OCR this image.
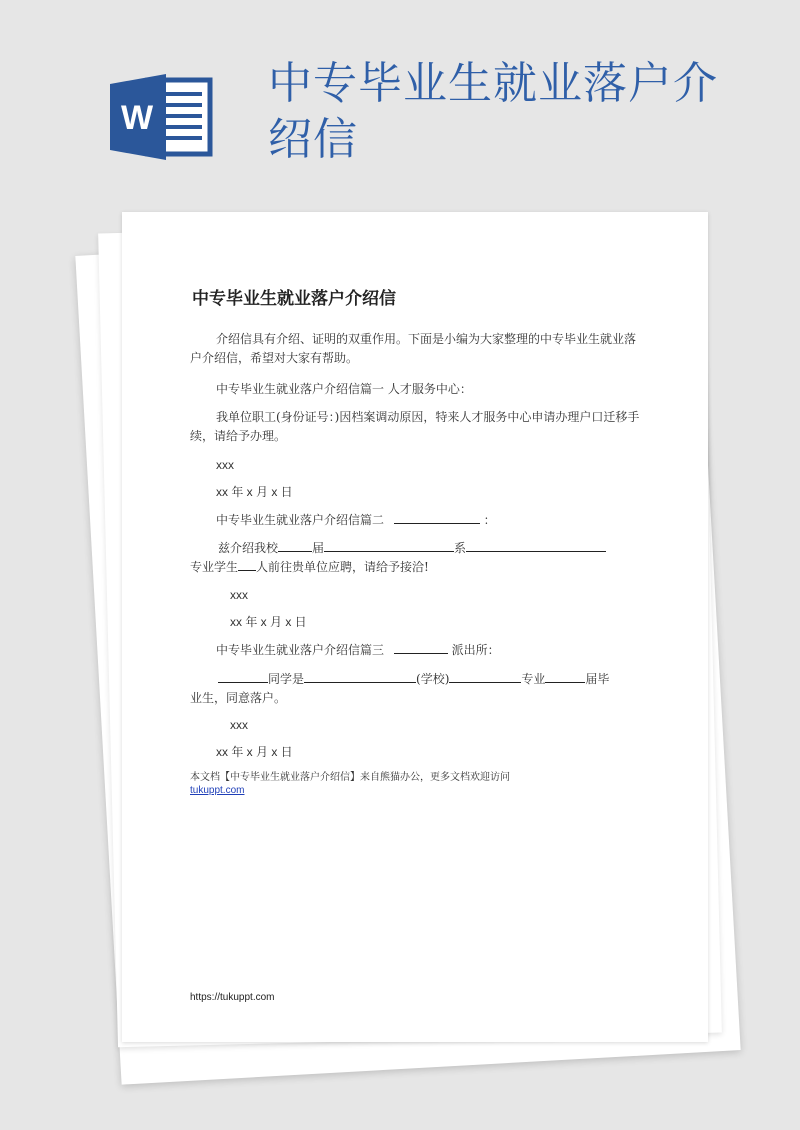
W
中专毕业生就业落户介绍信
中专毕业生就业落户介绍信
介绍信具有介绍、证明的双重作用。下面是小编为大家整理的中专毕业生就业落户介绍信，希望对大家有帮助。
中专毕业生就业落户介绍信篇一 人才服务中心：
我单位职工(身份证号：)因档案调动原因，特来人才服务中心申请办理户口迁移手续，请给予办理。
xxx
xx 年 x 月 x 日
中专毕业生就业落户介绍信篇二	：
兹介绍我校	届	系
专业学生 人前往贵单位应聘，请给予接洽!
xxx
xx 年 x 月 x 日
中专毕业生就业落户介绍信篇三	派出所：
同学是	(学校)	专业	届毕
业生，同意落户。
xxx
xx 年 x 月 x 日
本文档【中专毕业生就业落户介绍信】来自熊猫办公，更多文档欢迎访问
tukuppt.com
https://tukuppt.com
